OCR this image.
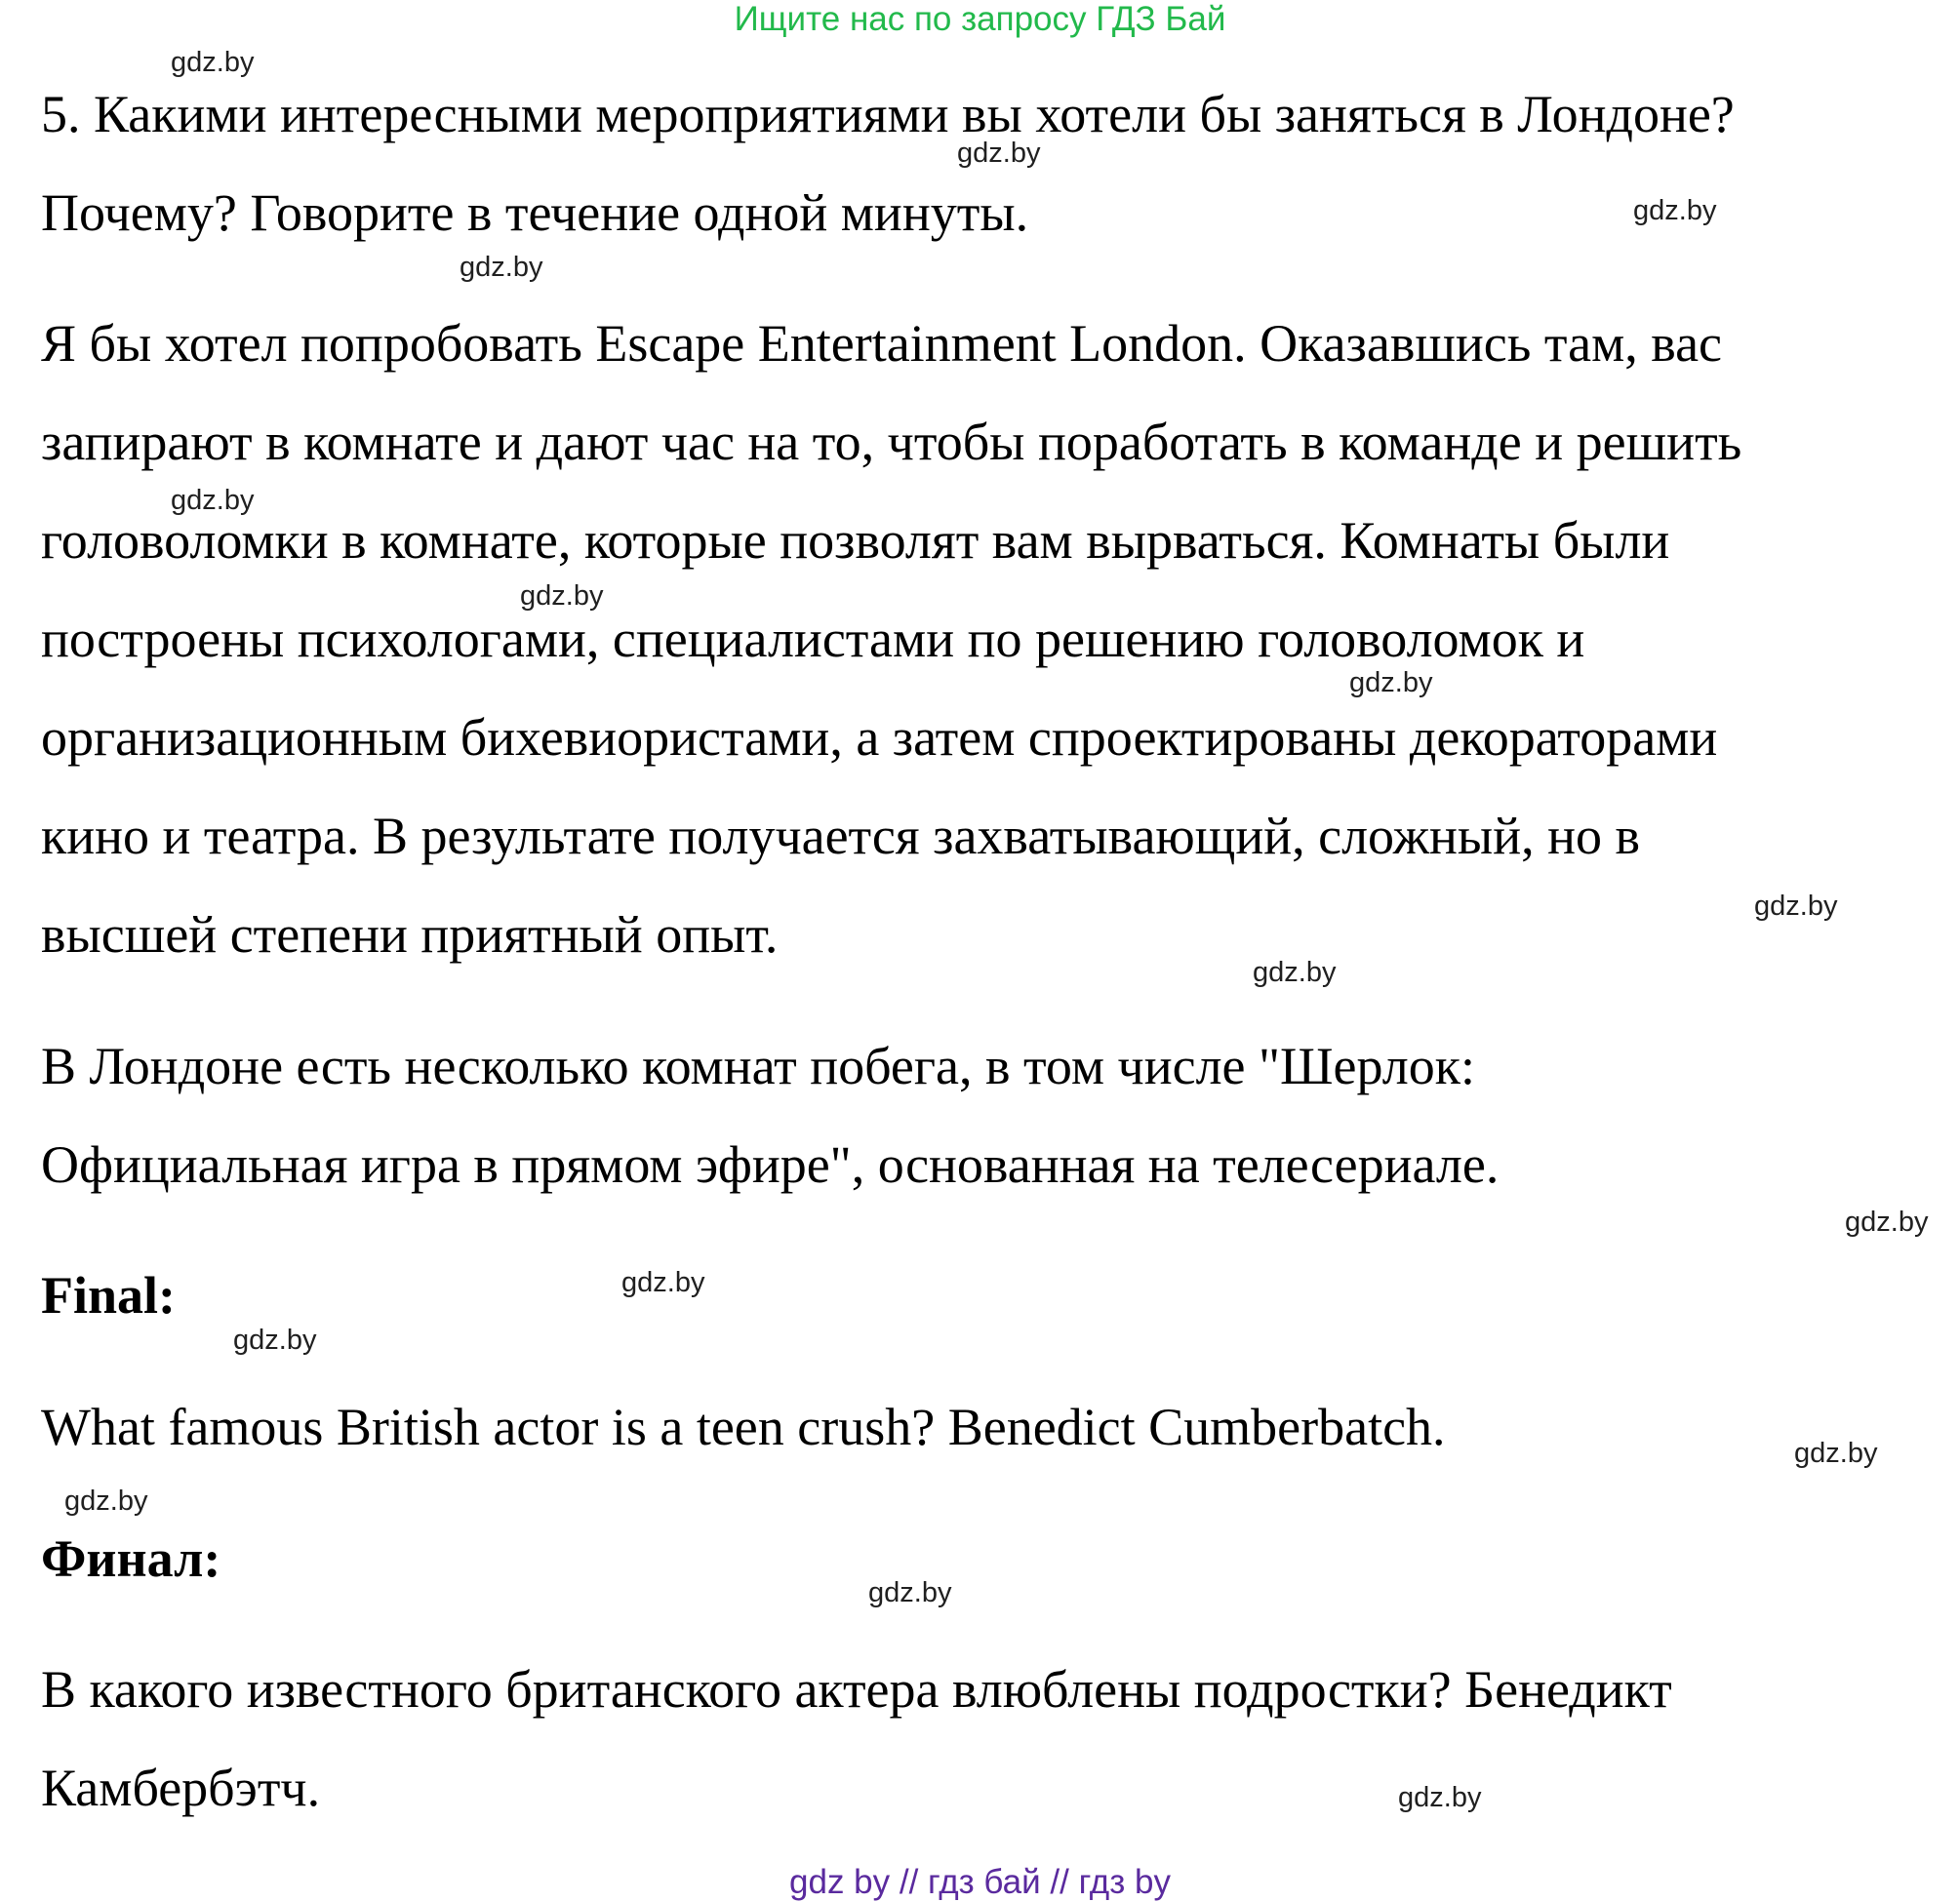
Ищите нас по запросу ГДЗ Бай

5. Какими интересными мероприятиями вы хотели бы заняться в Лондоне?

Почему? Говорите в течение одной минуты.

Я бы хотел попробовать Escape Entertainment London. Оказавшись там, вас

запирают в комнате и дают час на то, чтобы поработать в команде и решить

головоломки в комнате, которые позволят вам вырваться. Комнаты были

построены психологами, специалистами по решению головоломок и

организационным бихевиористами, а затем спроектированы декораторами

кино и театра. В результате получается захватывающий, сложный, но в

высшей степени приятный опыт.

В Лондоне есть несколько комнат побега, в том числе "Шерлок:

Официальная игра в прямом эфире", основанная на телесериале.

Final:

What famous British actor is a teen crush? Benedict Cumberbatch.

Финал:

В какого известного британского актера влюблены подростки? Бенедикт

Камбербэтч.

gdz.by
gdz.by
gdz.by
gdz.by
gdz.by
gdz.by
gdz.by
gdz.by
gdz.by
gdz.by
gdz.by
gdz.by
gdz.by
gdz.by
gdz.by
gdz.by
gdz by // гдз бай // гдз by
